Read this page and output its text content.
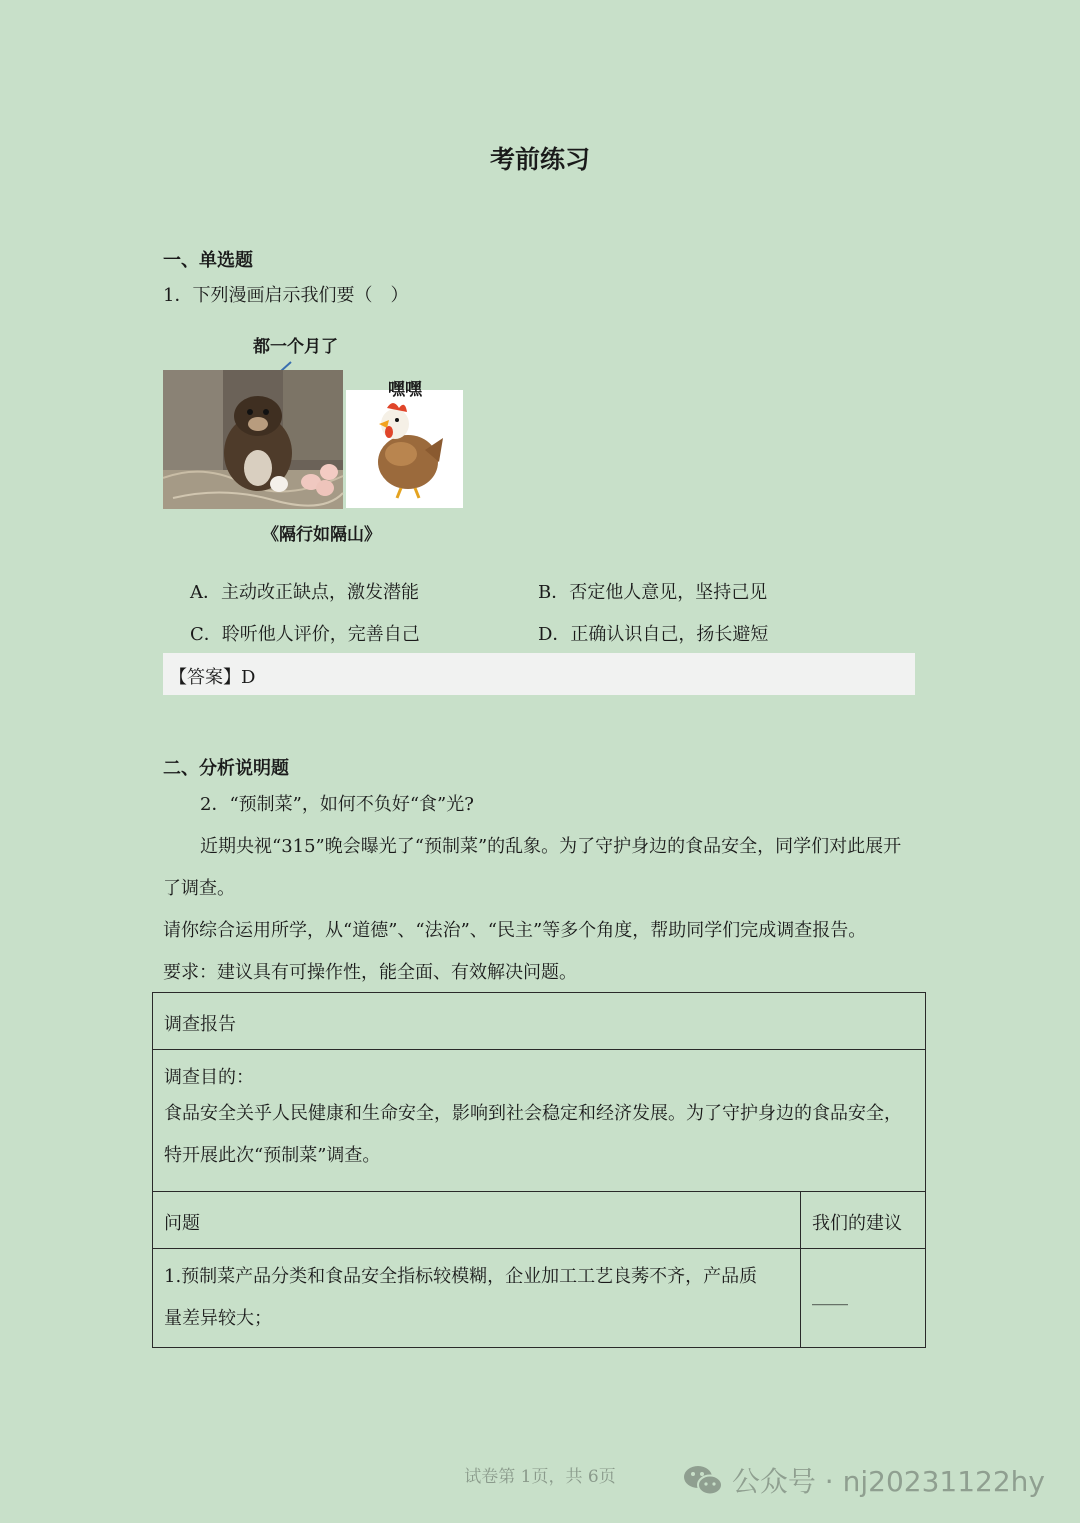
考前练习
一、单选题
1．下列漫画启示我们要（　）
都一个月了
嘿嘿
《隔行如隔山》
A．主动改正缺点，激发潜能	B．否定他人意见，坚持己见
C．聆听他人评价，完善自己	D．正确认识自己，扬长避短
【答案】D
二、分析说明题
2．“预制菜”，如何不负好“食”光?
近期央视“315”晚会曝光了“预制菜”的乱象。为了守护身边的食品安全，同学们对此展开
了调查。
请你综合运用所学，从“道德”、“法治”、“民主”等多个角度，帮助同学们完成调查报告。
要求：建议具有可操作性，能全面、有效解决问题。
调查报告	

调查目的：
食品安全关乎人民健康和生命安全，影响到社会稳定和经济发展。为了守护身边的食品安全，
特开展此次“预制菜”调查。	

问题	我们的建议

1.预制菜产品分类和食品安全指标较模糊，企业加工工艺良莠不齐，产品质
量差异较大；	____
试卷第 1页，共 6页	公众号 · nj20231122hy
